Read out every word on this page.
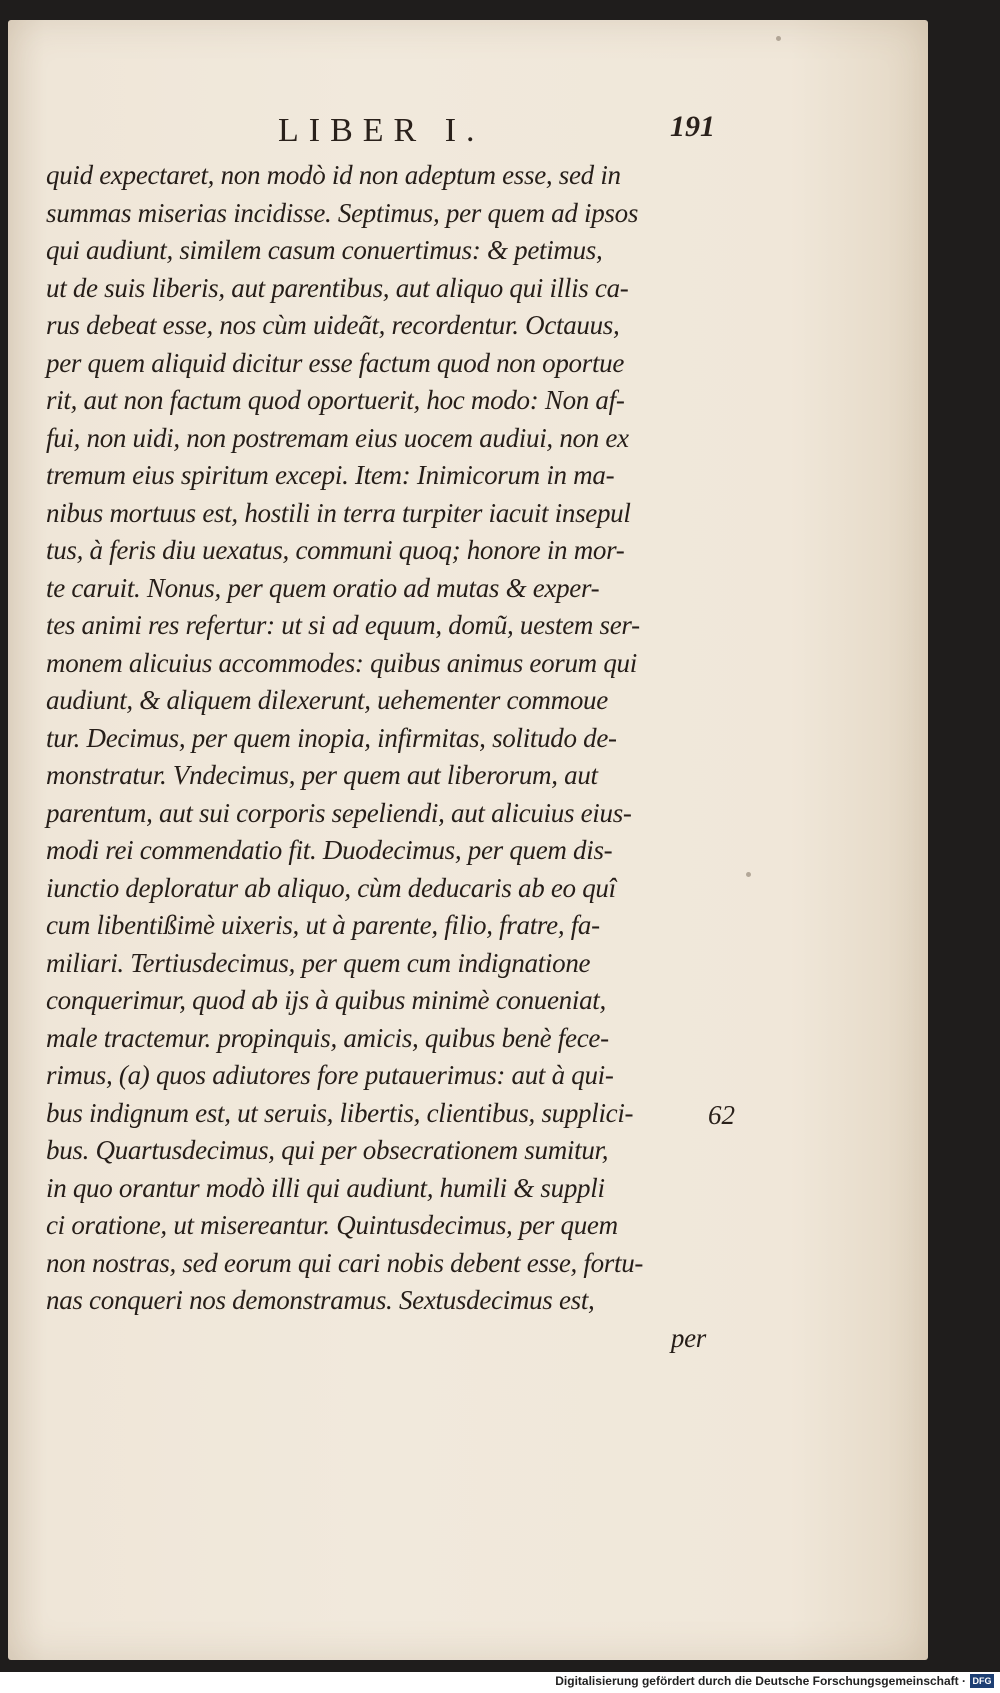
LIBER I.	191
quid expectaret, non modò id non adeptum esse, sed in
summas miserias incidisse. Septimus, per quem ad ipsos
qui audiunt, similem casum conuertimus: & petimus,
ut de suis liberis, aut parentibus, aut aliquo qui illis ca-
rus debeat esse, nos cùm uideãt, recordentur. Octauus,
per quem aliquid dicitur esse factum quod non oportue
rit, aut non factum quod oportuerit, hoc modo: Non af-
fui, non uidi, non postremam eius uocem audiui, non ex
tremum eius spiritum excepi. Item: Inimicorum in ma-
nibus mortuus est, hostili in terra turpiter iacuit insepul
tus, à feris diu uexatus, communi quoq; honore in mor-
te caruit. Nonus, per quem oratio ad mutas & exper-
tes animi res refertur: ut si ad equum, domũ, uestem ser-
monem alicuius accommodes: quibus animus eorum qui
audiunt, & aliquem dilexerunt, uehementer commoue
tur. Decimus, per quem inopia, infirmitas, solitudo de-
monstratur. Vndecimus, per quem aut liberorum, aut
parentum, aut sui corporis sepeliendi, aut alicuius eius-
modi rei commendatio fit. Duodecimus, per quem dis-
iunctio deploratur ab aliquo, cùm deducaris ab eo quî
cum libentißimè uixeris, ut à parente, filio, fratre, fa-
miliari. Tertiusdecimus, per quem cum indignatione
conquerimur, quod ab ijs à quibus minimè conueniat,
male tractemur. propinquis, amicis, quibus benè fece-
rimus, (a) quos adiutores fore putauerimus: aut à qui-
bus indignum est, ut seruis, libertis, clientibus, supplici-
bus. Quartusdecimus, qui per obsecrationem sumitur,
in quo orantur modò illi qui audiunt, humili & suppli
ci oratione, ut misereantur. Quintusdecimus, per quem
non nostras, sed eorum qui cari nobis debent esse, fortu-
nas conqueri nos demonstramus. Sextusdecimus est,
per
62
Digitalisierung gefördert durch die Deutsche Forschungsgemeinschaft · DFG
